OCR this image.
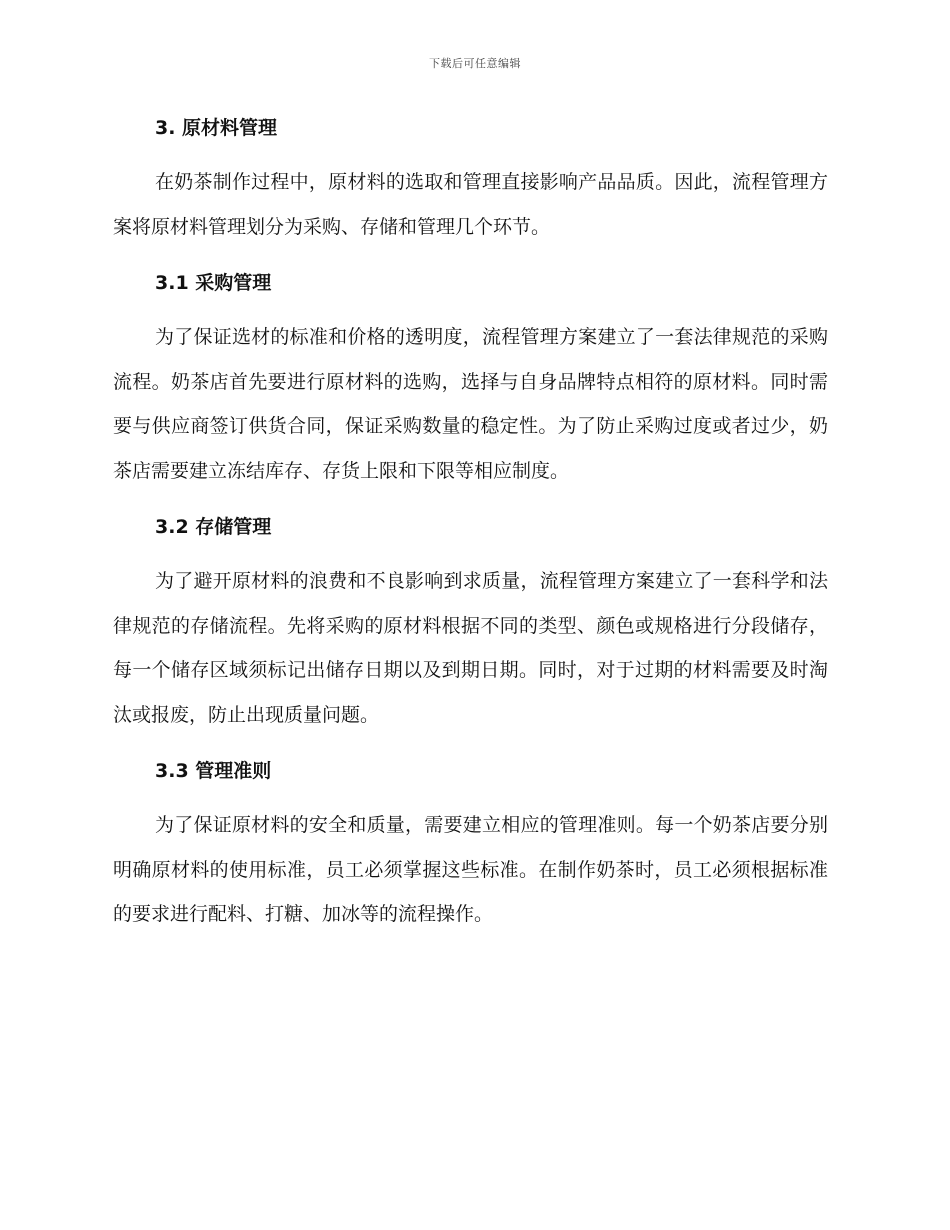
下载后可任意编辑
3. 原材料管理

在奶茶制作过程中，原材料的选取和管理直接影响产品品质。因此，流程管理方案将原材料管理划分为采购、存储和管理几个环节。

3.1 采购管理

为了保证选材的标准和价格的透明度，流程管理方案建立了一套法律规范的采购流程。奶茶店首先要进行原材料的选购，选择与自身品牌特点相符的原材料。同时需要与供应商签订供货合同，保证采购数量的稳定性。为了防止采购过度或者过少，奶茶店需要建立冻结库存、存货上限和下限等相应制度。

3.2 存储管理

为了避开原材料的浪费和不良影响到求质量，流程管理方案建立了一套科学和法律规范的存储流程。先将采购的原材料根据不同的类型、颜色或规格进行分段储存，每一个储存区域须标记出储存日期以及到期日期。同时，对于过期的材料需要及时淘汰或报废，防止出现质量问题。

3.3 管理准则

为了保证原材料的安全和质量，需要建立相应的管理准则。每一个奶茶店要分别明确原材料的使用标准，员工必须掌握这些标准。在制作奶茶时，员工必须根据标准的要求进行配料、打糖、加冰等的流程操作。
